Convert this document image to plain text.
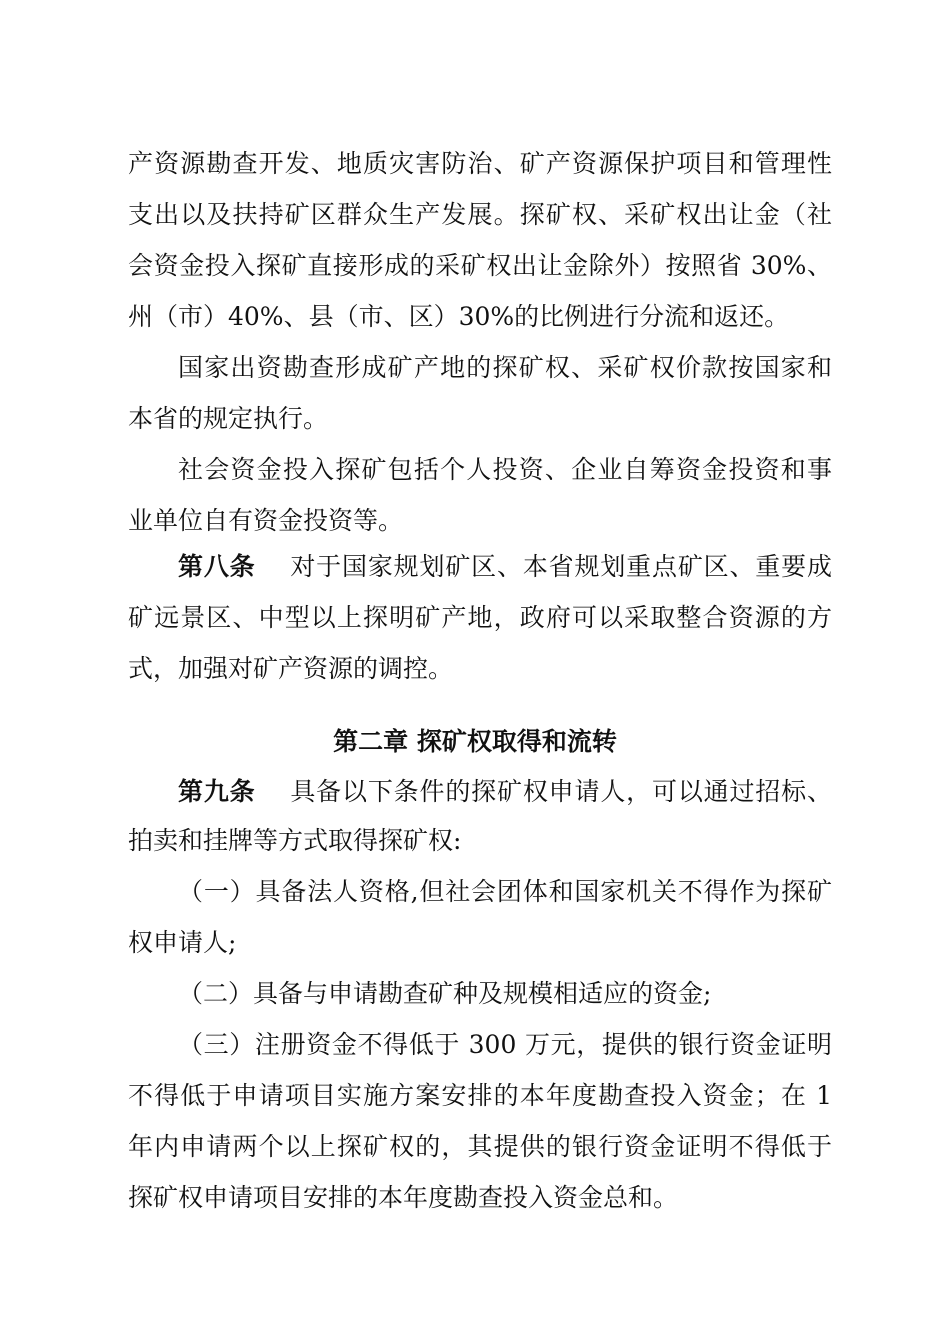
产资源勘查开发、地质灾害防治、矿产资源保护项目和管理性
支出以及扶持矿区群众生产发展。探矿权、采矿权出让金（社
会资金投入探矿直接形成的采矿权出让金除外）按照省 30%、
州（市）40%、县（市、区）30%的比例进行分流和返还。
国家出资勘查形成矿产地的探矿权、采矿权价款按国家和
本省的规定执行。
社会资金投入探矿包括个人投资、企业自筹资金投资和事
业单位自有资金投资等。
第八条 对于国家规划矿区、本省规划重点矿区、重要成
矿远景区、中型以上探明矿产地，政府可以采取整合资源的方
式，加强对矿产资源的调控。
第二章 探矿权取得和流转
第九条 具备以下条件的探矿权申请人，可以通过招标、
拍卖和挂牌等方式取得探矿权:
（一）具备法人资格,但社会团体和国家机关不得作为探矿
权申请人;
（二）具备与申请勘查矿种及规模相适应的资金;
（三）注册资金不得低于 300 万元，提供的银行资金证明
不得低于申请项目实施方案安排的本年度勘查投入资金；在 1
年内申请两个以上探矿权的，其提供的银行资金证明不得低于
探矿权申请项目安排的本年度勘查投入资金总和。
